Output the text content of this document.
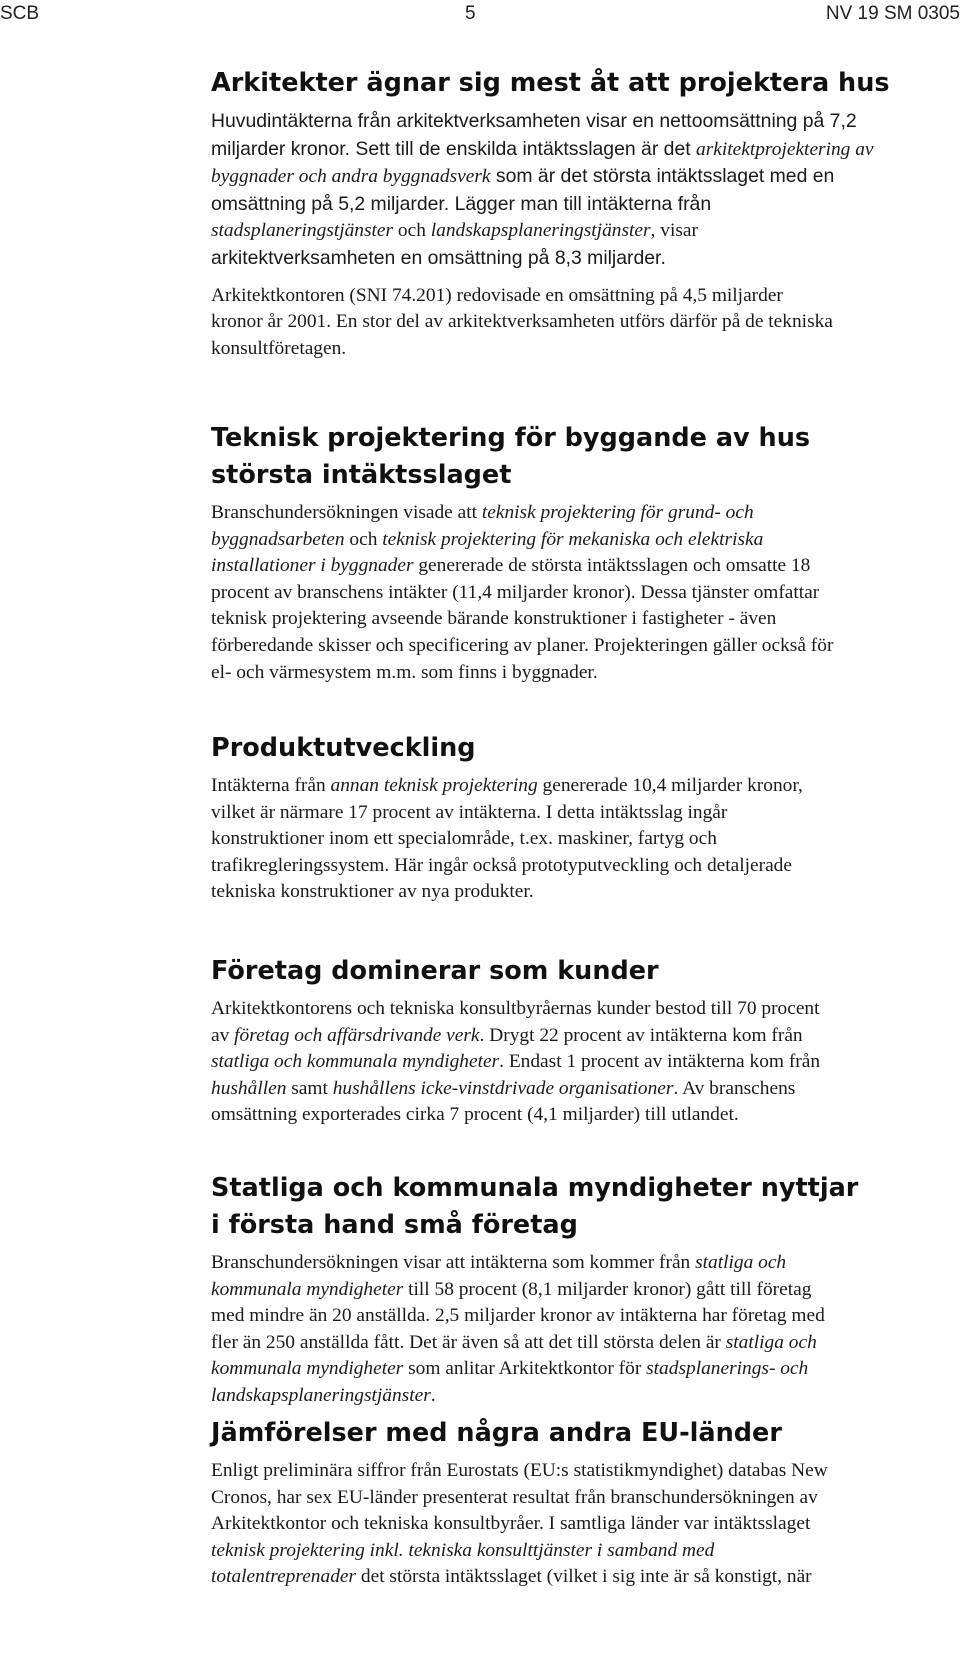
SCB	5	NV 19 SM 0305
Arkitekter ägnar sig mest åt att projektera hus

Huvudintäkterna från arkitektverksamheten visar en nettoomsättning på 7,2
miljarder kronor. Sett till de enskilda intäktsslagen är det arkitektprojektering av
byggnader och andra byggnadsverk som är det största intäktsslaget med en
omsättning på 5,2 miljarder. Lägger man till intäkterna från
stadsplaneringstjänster och landskapsplaneringstjänster, visar
arkitektverksamheten en omsättning på 8,3 miljarder.

Arkitektkontoren (SNI 74.201) redovisade en omsättning på 4,5 miljarder
kronor år 2001. En stor del av arkitektverksamheten utförs därför på de tekniska
konsultföretagen.

Teknisk projektering för byggande av hus
största intäktsslaget

Branschundersökningen visade att teknisk projektering för grund- och
byggnadsarbeten och teknisk projektering för mekaniska och elektriska
installationer i byggnader genererade de största intäktsslagen och omsatte 18
procent av branschens intäkter (11,4 miljarder kronor). Dessa tjänster omfattar
teknisk projektering avseende bärande konstruktioner i fastigheter - även
förberedande skisser och specificering av planer. Projekteringen gäller också för
el- och värmesystem m.m. som finns i byggnader.

Produktutveckling

Intäkterna från annan teknisk projektering genererade 10,4 miljarder kronor,
vilket är närmare 17 procent av intäkterna. I detta intäktsslag ingår
konstruktioner inom ett specialområde, t.ex. maskiner, fartyg och
trafikregleringssystem. Här ingår också prototyputveckling och detaljerade
tekniska konstruktioner av nya produkter.

Företag dominerar som kunder

Arkitektkontorens och tekniska konsultbyråernas kunder bestod till 70 procent
av företag och affärsdrivande verk. Drygt 22 procent av intäkterna kom från
statliga och kommunala myndigheter. Endast 1 procent av intäkterna kom från
hushållen samt hushållens icke-vinstdrivade organisationer. Av branschens
omsättning exporterades cirka 7 procent (4,1 miljarder) till utlandet.

Statliga och kommunala myndigheter nyttjar
i första hand små företag

Branschundersökningen visar att intäkterna som kommer från statliga och
kommunala myndigheter till 58 procent (8,1 miljarder kronor) gått till företag
med mindre än 20 anställda. 2,5 miljarder kronor av intäkterna har företag med
fler än 250 anställda fått. Det är även så att det till största delen är statliga och
kommunala myndigheter som anlitar Arkitektkontor för stadsplanerings- och
landskapsplaneringstjänster.

Jämförelser med några andra EU-länder

Enligt preliminära siffror från Eurostats (EU:s statistikmyndighet) databas New
Cronos, har sex EU-länder presenterat resultat från branschundersökningen av
Arkitektkontor och tekniska konsultbyråer. I samtliga länder var intäktsslaget
teknisk projektering inkl. tekniska konsulttjänster i samband med
totalentreprenader det största intäktsslaget (vilket i sig inte är så konstigt, när
